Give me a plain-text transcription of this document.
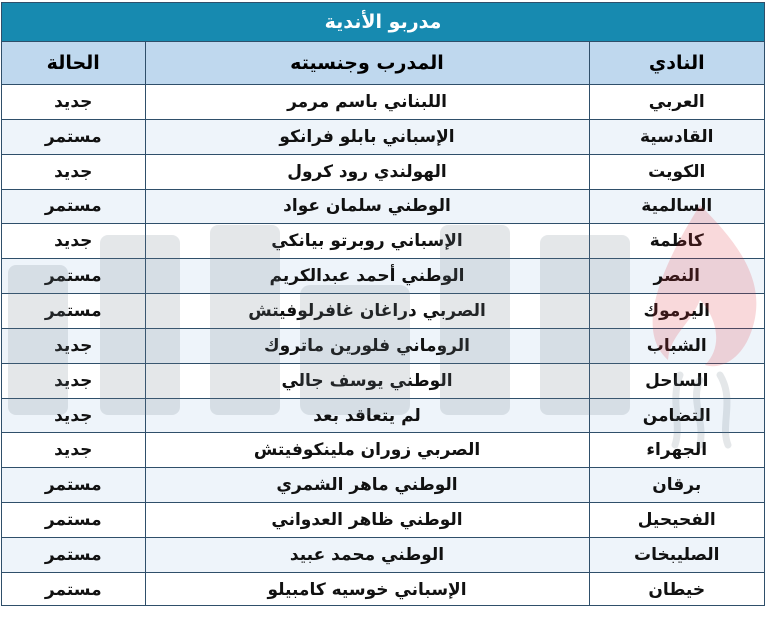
مدربو الأندية
النادي	المدرب وجنسيته	الحالة
العربي	اللبناني باسم مرمر	جديد
القادسية	الإسباني بابلو فرانكو	مستمر
الكويت	الهولندي رود كرول	جديد
السالمية	الوطني سلمان عواد	مستمر
كاظمة	الإسباني روبرتو بيانكي	جديد
النصر	الوطني أحمد عبدالكريم	مستمر
اليرموك	الصربي دراغان غافرلوفيتش	مستمر
الشباب	الروماني فلورين ماتروك	جديد
الساحل	الوطني يوسف جالي	جديد
التضامن	لم يتعاقد بعد	جديد
الجهراء	الصربي زوران ملينكوفيتش	جديد
برقان	الوطني ماهر الشمري	مستمر
الفحيحيل	الوطني ظاهر العدواني	مستمر
الصليبخات	الوطني محمد عبيد	مستمر
خيطان	الإسباني خوسيه كامبيلو	مستمر
